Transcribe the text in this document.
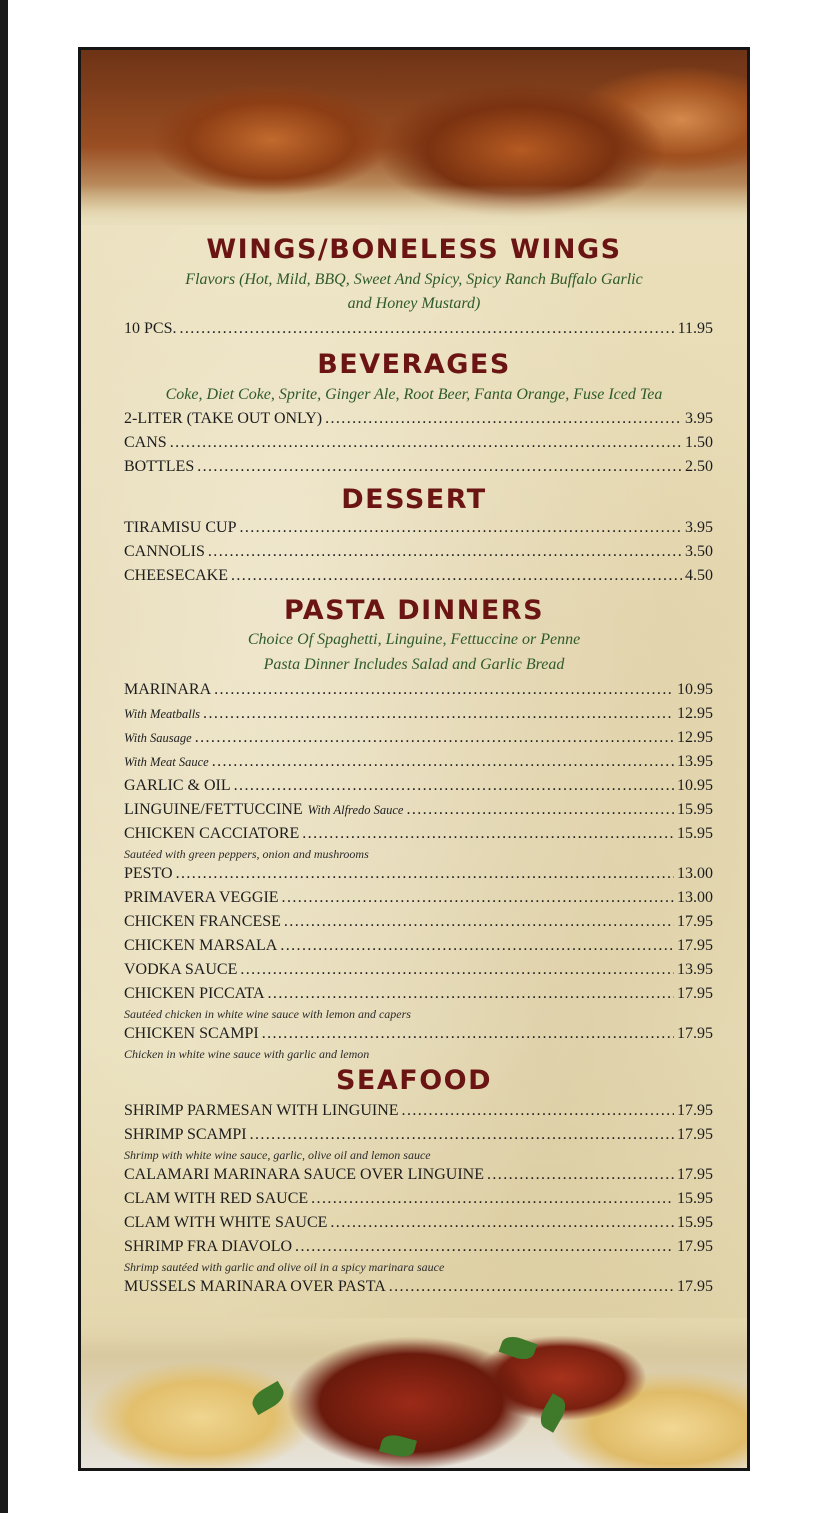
WINGS/BONELESS WINGS
Flavors (Hot, Mild, BBQ, Sweet And Spicy, Spicy Ranch Buffalo Garlic
and Honey Mustard)
10 PCS. . . .	11.95
BEVERAGES
Coke, Diet Coke, Sprite, Ginger Ale, Root Beer, Fanta Orange, Fuse Iced Tea
2-LITER (TAKE OUT ONLY) . . .	3.95
CANS . . .	1.50
BOTTLES . . .	2.50
DESSERT
TIRAMISU CUP . . .	3.95
CANNOLIS . . .	3.50
CHEESECAKE . . .	4.50
PASTA DINNERS
Choice Of Spaghetti, Linguine, Fettuccine or Penne
Pasta Dinner Includes Salad and Garlic Bread
MARINARA . . .	10.95
With Meatballs . . .	12.95
With Sausage . . .	12.95
With Meat Sauce . . .	13.95
GARLIC & OIL . . .	10.95
LINGUINE/FETTUCCINE With Alfredo Sauce . . .	15.95
CHICKEN CACCIATORE . . .	15.95
Sautéed with green peppers, onion and mushrooms
PESTO . . .	13.00
PRIMAVERA VEGGIE . . .	13.00
CHICKEN FRANCESE . . .	17.95
CHICKEN MARSALA . . .	17.95
VODKA SAUCE . . .	13.95
CHICKEN PICCATA . . .	17.95
Sautéed chicken in white wine sauce with lemon and capers
CHICKEN SCAMPI . . .	17.95
Chicken in white wine sauce with garlic and lemon
SEAFOOD
SHRIMP PARMESAN WITH LINGUINE . . .	17.95
SHRIMP SCAMPI . . .	17.95
Shrimp with white wine sauce, garlic, olive oil and lemon sauce
CALAMARI MARINARA SAUCE OVER LINGUINE . . .	17.95
CLAM WITH RED SAUCE . . .	15.95
CLAM WITH WHITE SAUCE . . .	15.95
SHRIMP FRA DIAVOLO . . .	17.95
Shrimp sautéed with garlic and olive oil in a spicy marinara sauce
MUSSELS MARINARA OVER PASTA . . .	17.95
